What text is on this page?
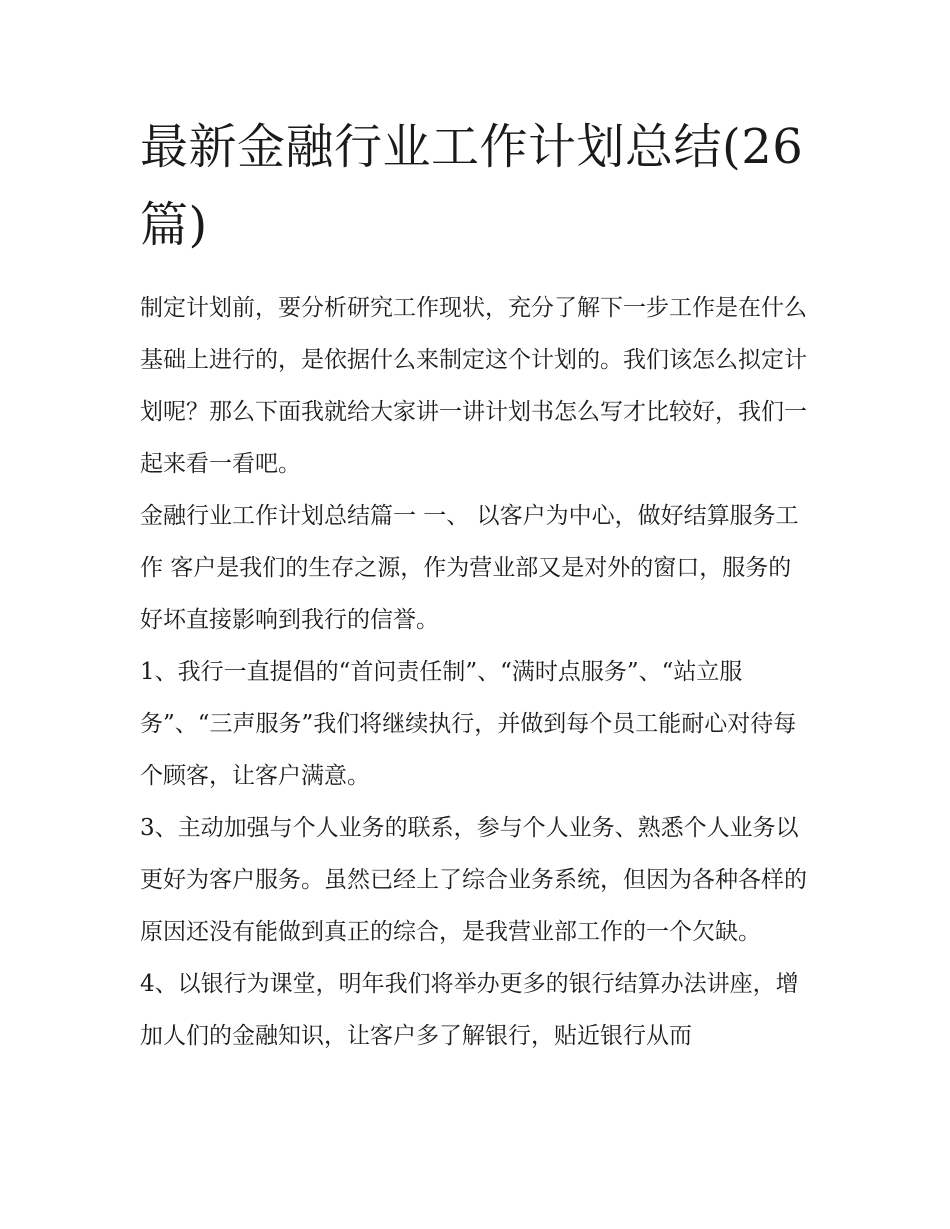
最新金融行业工作计划总结(26篇)

制定计划前，要分析研究工作现状，充分了解下一步工作是在什么基础上进行的，是依据什么来制定这个计划的。我们该怎么拟定计划呢？那么下面我就给大家讲一讲计划书怎么写才比较好，我们一起来看一看吧。

金融行业工作计划总结篇一 一、 以客户为中心，做好结算服务工作 客户是我们的生存之源，作为营业部又是对外的窗口，服务的好坏直接影响到我行的信誉。

1、我行一直提倡的“首问责任制”、“满时点服务”、“站立服务”、“三声服务”我们将继续执行，并做到每个员工能耐心对待每个顾客，让客户满意。

3、主动加强与个人业务的联系，参与个人业务、熟悉个人业务以更好为客户服务。虽然已经上了综合业务系统，但因为各种各样的原因还没有能做到真正的综合，是我营业部工作的一个欠缺。

4、以银行为课堂，明年我们将举办更多的银行结算办法讲座，增加人们的金融知识，让客户多了解银行，贴近银行从而
